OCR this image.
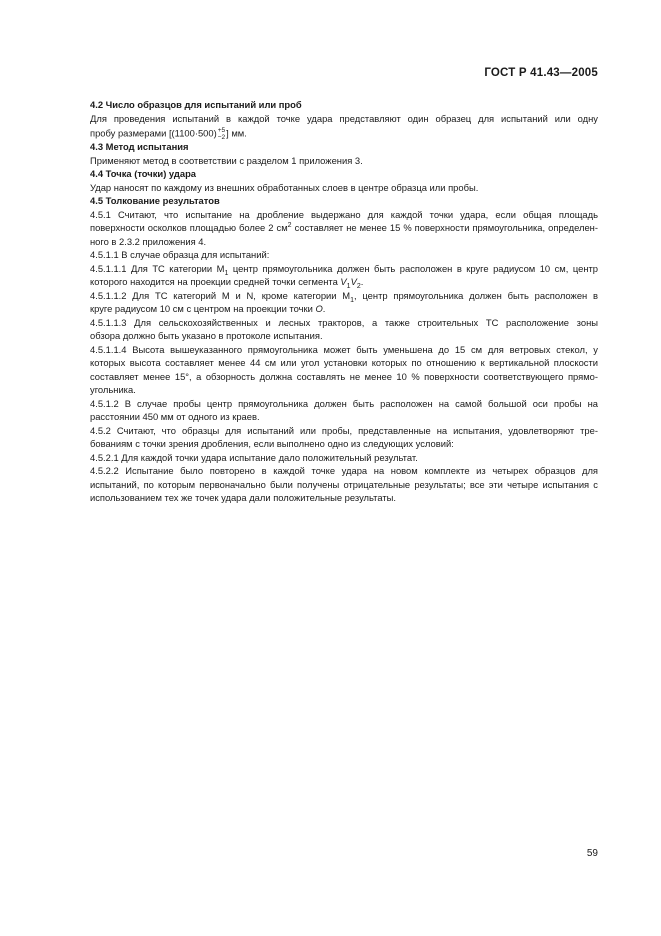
ГОСТ Р 41.43—2005
4.2 Число образцов для испытаний или проб
Для проведения испытаний в каждой точке удара представляют один образец для испытаний или одну
пробу размерами [(1100·500) +5
−2 ] мм.
4.3 Метод испытания
Применяют метод в соответствии с разделом 1 приложения 3.
4.4 Точка (точки) удара
Удар наносят по каждому из внешних обработанных слоев в центре образца или пробы.
4.5 Толкование результатов
4.5.1 Считают, что испытание на дробление выдержано для каждой точки удара, если общая площадь
поверхности осколков площадью более 2 $см^2$ составляет не менее 15 % поверхности прямоугольника, определен-
ного в 2.3.2 приложения 4.
4.5.1.1 В случае образца для испытаний:
4.5.1.1.1 Для ТС категории $M_1$ центр прямоугольника должен быть расположен в круге радиусом 10 см, центр
которого находится на проекции средней точки сегмента $V_1V_2$.
4.5.1.1.2 Для ТС категорий M и N, кроме категории $M_1$, центр прямоугольника должен быть расположен в
круге радиусом 10 см с центром на проекции точки O.
4.5.1.1.3 Для сельскохозяйственных и лесных тракторов, а также строительных ТС расположение зоны
обзора должно быть указано в протоколе испытания.
4.5.1.1.4 Высота вышеуказанного прямоугольника может быть уменьшена до 15 см для ветровых стекол, у
которых высота составляет менее 44 см или угол установки которых по отношению к вертикальной плоскости
составляет менее 15°, а обзорность должна составлять не менее 10 % поверхности соответствующего прямо-
угольника.
4.5.1.2 В случае пробы центр прямоугольника должен быть расположен на самой большой оси пробы на
расстоянии 450 мм от одного из краев.
4.5.2 Считают, что образцы для испытаний или пробы, представленные на испытания, удовлетворяют тре-
бованиям с точки зрения дробления, если выполнено одно из следующих условий:
4.5.2.1 Для каждой точки удара испытание дало положительный результат.
4.5.2.2 Испытание было повторено в каждой точке удара на новом комплекте из четырех образцов для
испытаний, по которым первоначально были получены отрицательные результаты; все эти четыре испытания с
использованием тех же точек удара дали положительные результаты.
59
